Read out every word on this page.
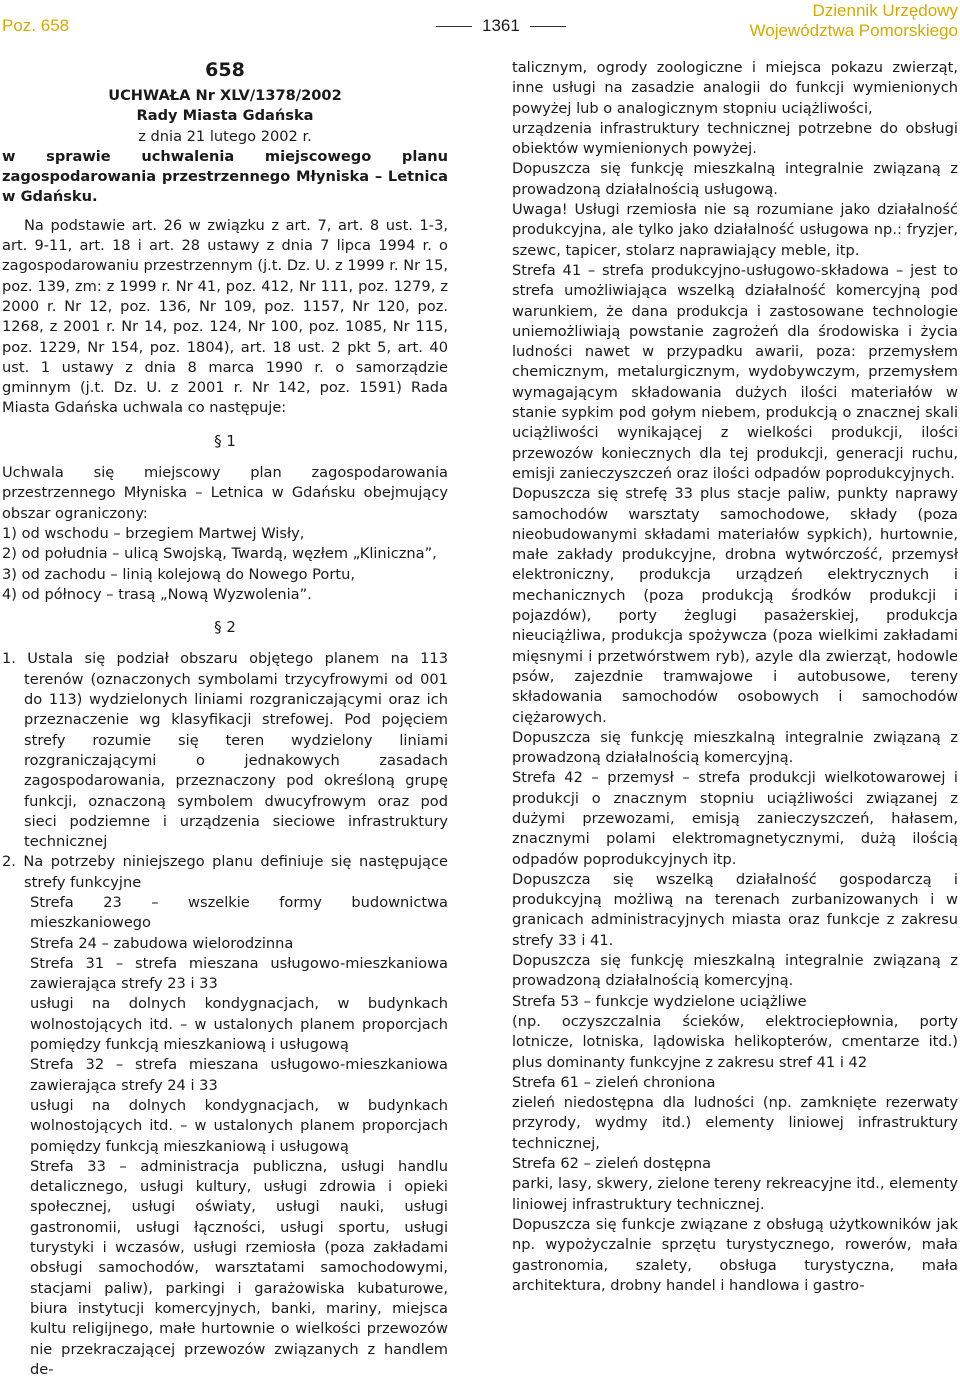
Poz. 658	1361
Dziennik Urzędowy
Województwa Pomorskiego

658

UCHWAŁA Nr XLV/1378/2002

Rady Miasta Gdańska

z dnia 21 lutego 2002 r.

w sprawie uchwalenia miejscowego planu zagospodarowania przestrzennego Młyniska – Letnica w Gdańsku.

Na podstawie art. 26 w związku z art. 7, art. 8 ust. 1-3, art. 9-11, art. 18 i art. 28 ustawy z dnia 7 lipca 1994 r. o zagospodarowaniu przestrzennym (j.t. Dz. U. z 1999 r. Nr 15, poz. 139, zm: z 1999 r. Nr 41, poz. 412, Nr 111, poz. 1279, z 2000 r. Nr 12, poz. 136, Nr 109, poz. 1157, Nr 120, poz. 1268, z 2001 r. Nr 14, poz. 124, Nr 100, poz. 1085, Nr 115, poz. 1229, Nr 154, poz. 1804), art. 18 ust. 2 pkt 5, art. 40 ust. 1 ustawy z dnia 8 marca 1990 r. o samorządzie gminnym (j.t. Dz. U. z 2001 r. Nr 142, poz. 1591) Rada Miasta Gdańska uchwala co następuje:

§ 1

Uchwala się miejscowy plan zagospodarowania przestrzennego Młyniska – Letnica w Gdańsku obejmujący obszar ograniczony:

1) od wschodu – brzegiem Martwej Wisły,

2) od południa – ulicą Swojską, Twardą, węzłem „Kliniczna”,

3) od zachodu – linią kolejową do Nowego Portu,

4) od północy – trasą „Nową Wyzwolenia”.

§ 2

1. Ustala się podział obszaru objętego planem na 113 terenów (oznaczonych symbolami trzycyfrowymi od 001 do 113) wydzielonych liniami rozgraniczającymi oraz ich przeznaczenie wg klasyfikacji strefowej. Pod pojęciem strefy rozumie się teren wydzielony liniami rozgraniczającymi o jednakowych zasadach zagospodarowania, przeznaczony pod określoną grupę funkcji, oznaczoną symbolem dwucyfrowym oraz pod sieci podziemne i urządzenia sieciowe infrastruktury technicznej

2. Na potrzeby niniejszego planu definiuje się następujące strefy funkcyjne

Strefa 23 – wszelkie formy budownictwa mieszkaniowego

Strefa 24 – zabudowa wielorodzinna

Strefa 31 – strefa mieszana usługowo-mieszkaniowa zawierająca strefy 23 i 33

usługi na dolnych kondygnacjach, w budynkach wolnostojących itd. – w ustalonych planem proporcjach pomiędzy funkcją mieszkaniową i usługową

Strefa 32 – strefa mieszana usługowo-mieszkaniowa zawierająca strefy 24 i 33

usługi na dolnych kondygnacjach, w budynkach wolnostojących itd. – w ustalonych planem proporcjach pomiędzy funkcją mieszkaniową i usługową

Strefa 33 – administracja publiczna, usługi handlu detalicznego, usługi kultury, usługi zdrowia i opieki społecznej, usługi oświaty, usługi nauki, usługi gastronomii, usługi łączności, usługi sportu, usługi turystyki i wczasów, usługi rzemiosła (poza zakładami obsługi samochodów, warsztatami samochodowymi, stacjami paliw), parkingi i garażowiska kubaturowe, biura instytucji komercyjnych, banki, mariny, miejsca kultu religijnego, małe hurtownie o wielkości przewozów nie przekraczającej przewozów związanych z handlem de-

talicznym, ogrody zoologiczne i miejsca pokazu zwierząt, inne usługi na zasadzie analogii do funkcji wymienionych powyżej lub o analogicznym stopniu uciążliwości,

urządzenia infrastruktury technicznej potrzebne do obsługi obiektów wymienionych powyżej.

Dopuszcza się funkcję mieszkalną integralnie związaną z prowadzoną działalnością usługową.

Uwaga! Usługi rzemiosła nie są rozumiane jako działalność produkcyjna, ale tylko jako działalność usługowa np.: fryzjer, szewc, tapicer, stolarz naprawiający meble, itp.

Strefa 41 – strefa produkcyjno-usługowo-składowa – jest to strefa umożliwiająca wszelką działalność komercyjną pod warunkiem, że dana produkcja i zastosowane technologie uniemożliwiają powstanie zagrożeń dla środowiska i życia ludności nawet w przypadku awarii, poza: przemysłem chemicznym, metalurgicznym, wydobywczym, przemysłem wymagającym składowania dużych ilości materiałów w stanie sypkim pod gołym niebem, produkcją o znacznej skali uciążliwości wynikającej z wielkości produkcji, ilości przewozów koniecznych dla tej produkcji, generacji ruchu, emisji zanieczyszczeń oraz ilości odpadów poprodukcyjnych.

Dopuszcza się strefę 33 plus stacje paliw, punkty naprawy samochodów warsztaty samochodowe, składy (poza nieobudowanymi składami materiałów sypkich), hurtownie, małe zakłady produkcyjne, drobna wytwórczość, przemysł elektroniczny, produkcja urządzeń elektrycznych i mechanicznych (poza produkcją środków produkcji i pojazdów), porty żeglugi pasażerskiej, produkcja nieuciążliwa, produkcja spożywcza (poza wielkimi zakładami mięsnymi i przetwórstwem ryb), azyle dla zwierząt, hodowle psów, zajezdnie tramwajowe i autobusowe, tereny składowania samochodów osobowych i samochodów ciężarowych.

Dopuszcza się funkcję mieszkalną integralnie związaną z prowadzoną działalnością komercyjną.

Strefa 42 – przemysł – strefa produkcji wielkotowarowej i produkcji o znacznym stopniu uciążliwości związanej z dużymi przewozami, emisją zanieczyszczeń, hałasem, znacznymi polami elektromagnetycznymi, dużą ilością odpadów poprodukcyjnych itp.

Dopuszcza się wszelką działalność gospodarczą i produkcyjną możliwą na terenach zurbanizowanych i w granicach administracyjnych miasta oraz funkcje z zakresu strefy 33 i 41.

Dopuszcza się funkcję mieszkalną integralnie związaną z prowadzoną działalnością komercyjną.

Strefa 53 – funkcje wydzielone uciążliwe

(np. oczyszczalnia ścieków, elektrociepłownia, porty lotnicze, lotniska, lądowiska helikopterów, cmentarze itd.) plus dominanty funkcyjne z zakresu stref 41 i 42

Strefa 61 – zieleń chroniona

zieleń niedostępna dla ludności (np. zamknięte rezerwaty przyrody, wydmy itd.) elementy liniowej infrastruktury technicznej,

Strefa 62 – zieleń dostępna

parki, lasy, skwery, zielone tereny rekreacyjne itd., elementy liniowej infrastruktury technicznej.

Dopuszcza się funkcje związane z obsługą użytkowników jak np. wypożyczalnie sprzętu turystycznego, rowerów, mała gastronomia, szalety, obsługa turystyczna, mała architektura, drobny handel i handlowa i gastro-
